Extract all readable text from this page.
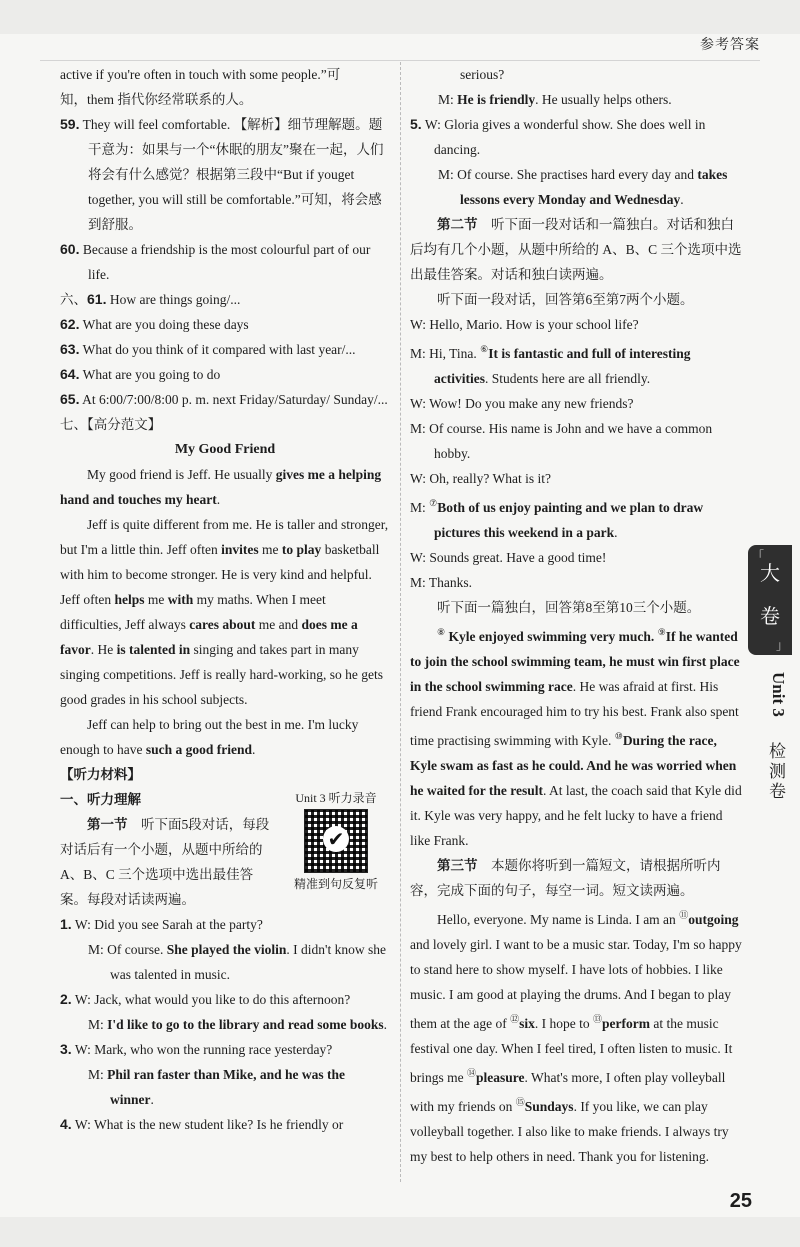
参考答案

active if you're often in touch with some people.”可
知，them 指代你经常联系的人。

59. They will feel comfortable. 【解析】细节理解题。题干意为：如果与一个“休眠的朋友”聚在一起，人们将会有什么感觉？根据第三段中“But if youget together, you will still be comfortable.”可知，将会感到舒服。

60. Because a friendship is the most colourful part of our life.

六、61. How are things going/...

62. What are you doing these days

63. What do you think of it compared with last year/...

64. What are you going to do

65. At 6:00/7:00/8:00 p. m. next Friday/Saturday/ Sunday/...

七、【高分范文】

My Good Friend

My good friend is Jeff. He usually gives me a helping hand and touches my heart.

Jeff is quite different from me. He is taller and stronger, but I'm a little thin. Jeff often invites me to play basketball with him to become stronger. He is very kind and helpful. Jeff often helps me with my maths. When I meet difficulties, Jeff always cares about me and does me a favor. He is talented in singing and takes part in many singing competitions. Jeff is really hard-working, so he gets good grades in his school subjects.

Jeff can help to bring out the best in me. I'm lucky enough to have such a good friend.

【听力材料】

Unit 3 听力录音
✔
精准到句反复听

一、听力理解

第一节　 听下面5段对话，每段对话后有一个小题，从题中所给的 A、B、C 三个选项中选出最佳答案。每段对话读两遍。

1. W: Did you see Sarah at the party?

M: Of course. She played the violin. I didn't know she was talented in music.

2. W: Jack, what would you like to do this afternoon?

M: I'd like to go to the library and read some books.

3. W: Mark, who won the running race yesterday?

M: Phil ran faster than Mike, and he was the winner.

4. W: What is the new student like? Is he friendly or

serious?

M: He is friendly. He usually helps others.

5. W: Gloria gives a wonderful show. She does well in dancing.

M: Of course. She practises hard every day and takes lessons every Monday and Wednesday.

第二节　 听下面一段对话和一篇独白。对话和独白后均有几个小题，从题中所给的 A、B、C 三个选项中选出最佳答案。对话和独白读两遍。

听下面一段对话，回答第6至第7两个小题。

W: Hello, Mario. How is your school life?

M: Hi, Tina. ⑥It is fantastic and full of interesting activities. Students here are all friendly.

W: Wow! Do you make any new friends?

M: Of course. His name is John and we have a common hobby.

W: Oh, really? What is it?

M: ⑦Both of us enjoy painting and we plan to draw pictures this weekend in a park.

W: Sounds great. Have a good time!

M: Thanks.

听下面一篇独白，回答第8至第10三个小题。

⑧ Kyle enjoyed swimming very much. ⑨If he wanted to join the school swimming team, he must win first place in the school swimming race. He was afraid at first. His friend Frank encouraged him to try his best. Frank also spent time practising swimming with Kyle. ⑩During the race, Kyle swam as fast as he could. And he was worried when he waited for the result. At last, the coach said that Kyle did it. Kyle was very happy, and he felt lucky to have a friend like Frank.

第三节　 本题你将听到一篇短文，请根据所听内容，完成下面的句子，每空一词。短文读两遍。

Hello, everyone. My name is Linda. I am an ⑪outgoing and lovely girl. I want to be a music star. Today, I'm so happy to stand here to show myself. I have lots of hobbies. I like music. I am good at playing the drums. And I began to play them at the age of ⑫six. I hope to ⑬perform at the music festival one day. When I feel tired, I often listen to music. It brings me ⑭pleasure. What's more, I often play volleyball with my friends on ⑮Sundays. If you like, we can play volleyball together. I also like to make friends. I always try my best to help others in need. Thank you for listening.

「
大
卷
」
Unit 3
检测卷
25
